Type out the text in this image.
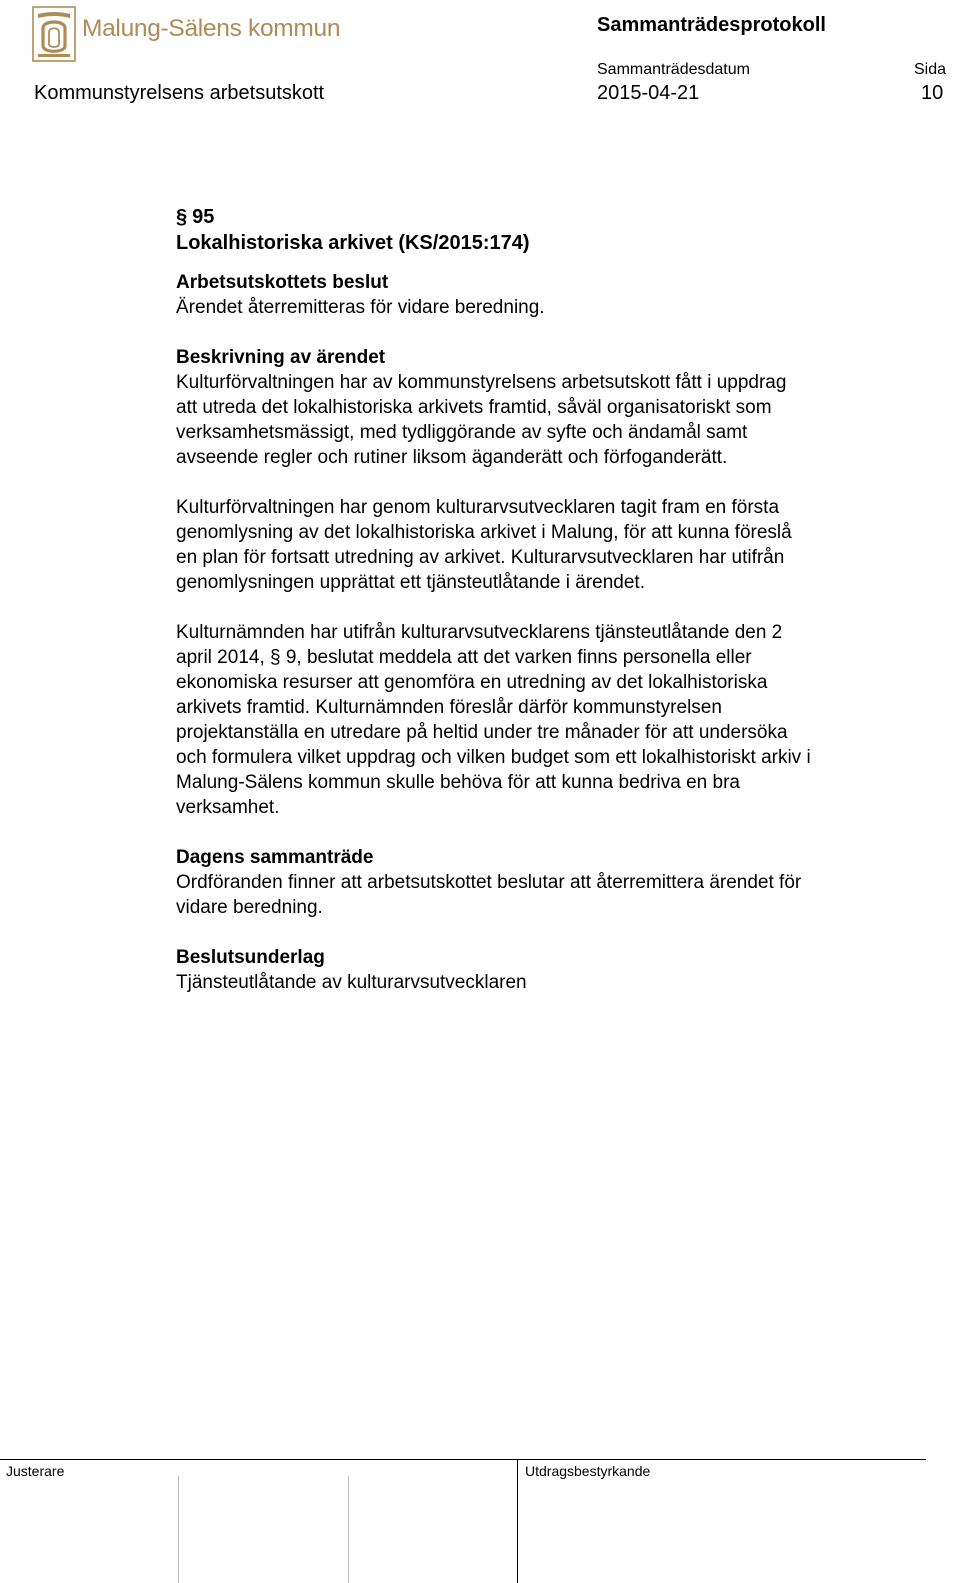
Malung-Sälens kommun	Sammanträdesprotokoll
Sammanträdesdatum	Sida
Kommunstyrelsens arbetsutskott	2015-04-21	10
§ 95
Lokalhistoriska arkivet (KS/2015:174)
Arbetsutskottets beslut

Ärendet återremitteras för vidare beredning.

Beskrivning av ärendet

Kulturförvaltningen har av kommunstyrelsens arbetsutskott fått i uppdrag

att utreda det lokalhistoriska arkivets framtid, såväl organisatoriskt som

verksamhetsmässigt, med tydliggörande av syfte och ändamål samt

avseende regler och rutiner liksom äganderätt och förfoganderätt.

Kulturförvaltningen har genom kulturarvsutvecklaren tagit fram en första

genomlysning av det lokalhistoriska arkivet i Malung, för att kunna föreslå

en plan för fortsatt utredning av arkivet. Kulturarvsutvecklaren har utifrån

genomlysningen upprättat ett tjänsteutlåtande i ärendet.

Kulturnämnden har utifrån kulturarvsutvecklarens tjänsteutlåtande den 2

april 2014, § 9, beslutat meddela att det varken finns personella eller

ekonomiska resurser att genomföra en utredning av det lokalhistoriska

arkivets framtid. Kulturnämnden föreslår därför kommunstyrelsen

projektanställa en utredare på heltid under tre månader för att undersöka

och formulera vilket uppdrag och vilken budget som ett lokalhistoriskt arkiv i

Malung-Sälens kommun skulle behöva för att kunna bedriva en bra

verksamhet.

Dagens sammanträde

Ordföranden finner att arbetsutskottet beslutar att återremittera ärendet för

vidare beredning.

Beslutsunderlag

Tjänsteutlåtande av kulturarvsutvecklaren

Justerare	Utdragsbestyrkande
